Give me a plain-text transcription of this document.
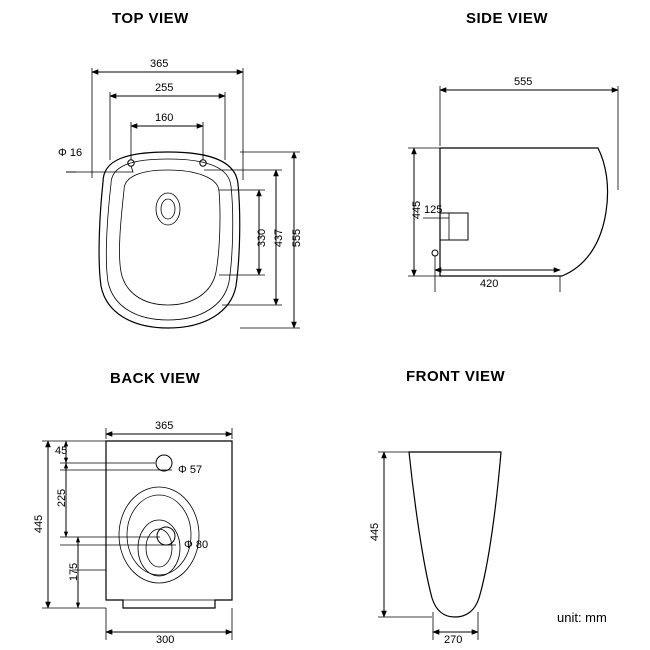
TOP VIEW	SIDE VIEW
BACK VIEW	FRONT VIEW
365
255
160
Φ 16
555
437
330
555
445 125
420
365
45
Φ 57
225
Φ 80
445
175
300
445
270
unit: mm
